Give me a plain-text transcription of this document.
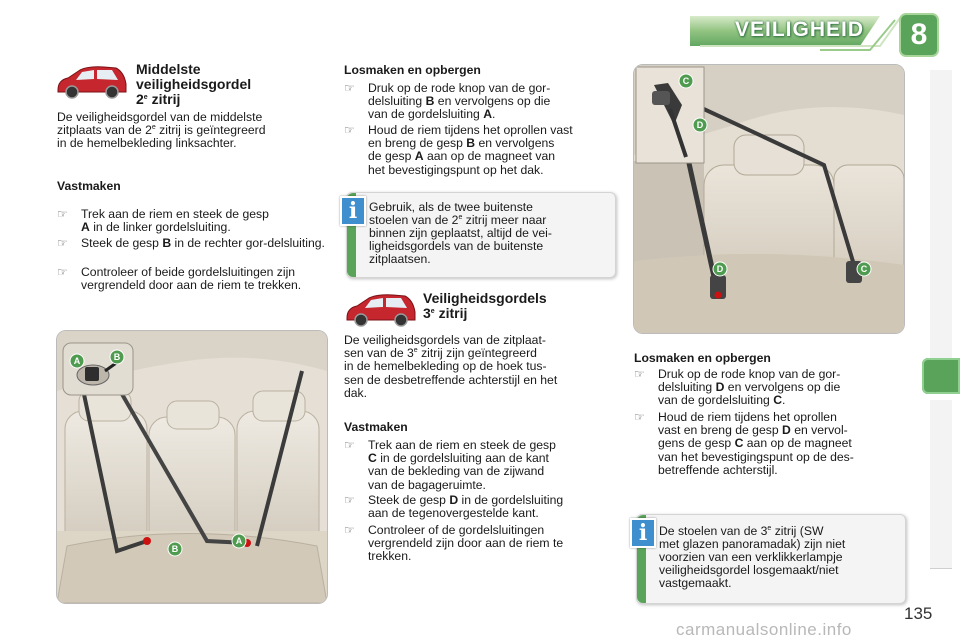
VEILIGHEID	8
Middelste
veiligheidsgordel
2e zitrij
De veiligheidsgordel van de middelste
zitplaats van de 2e zitrij is geïntegreerd
in de hemelbekleding linksachter.
Vastmaken
☞ Trek aan de riem en steek de gesp
A in de linker gordelsluiting.
☞ Steek de gesp B in de rechter gor-delsluiting.
☞ Controleer of beide gordelsluitingen zijn vergrendeld door aan de riem te trekken.
A	B
B
A
Losmaken en opbergen
☞ Druk op de rode knop van de gor-
delsluiting B en vervolgens op die
van de gordelsluiting A.
☞ Houd de riem tijdens het oprollen vast
en breng de gesp B en vervolgens
de gesp A aan op de magneet van
het bevestigingspunt op het dak.
Gebruik, als de twee buitenste
stoelen van de 2e zitrij meer naar
binnen zijn geplaatst, altijd de vei-
ligheidsgordels van de buitenste
zitplaatsen.
i
Veiligheidsgordels
3e zitrij
De veiligheidsgordels van de zitplaat-
sen van de 3e zitrij zijn geïntegreerd
in de hemelbekleding op de hoek tus-
sen de desbetreffende achterstijl en het
dak.
Vastmaken
☞ Trek aan de riem en steek de gesp
C in de gordelsluiting aan de kant
van de bekleding van de zijwand
van de bagageruimte.
☞ Steek de gesp D in de gordelsluiting
aan de tegenovergestelde kant.
☞ Controleer of de gordelsluitingen
vergrendeld zijn door aan de riem te
trekken.
C
D
D	C
Losmaken en opbergen
☞ Druk op de rode knop van de gor-
delsluiting D en vervolgens op die
van de gordelsluiting C.
☞ Houd de riem tijdens het oprollen
vast en breng de gesp D en vervol-
gens de gesp C aan op de magneet
van het bevestigingspunt op de des-
betreffende achterstijl.
De stoelen van de 3e zitrij (SW
met glazen panoramadak) zijn niet
voorzien van een verklikkerlampje
veiligheidsgordel losgemaakt/niet
vastgemaakt.
i
135
carmanualsonline.info
